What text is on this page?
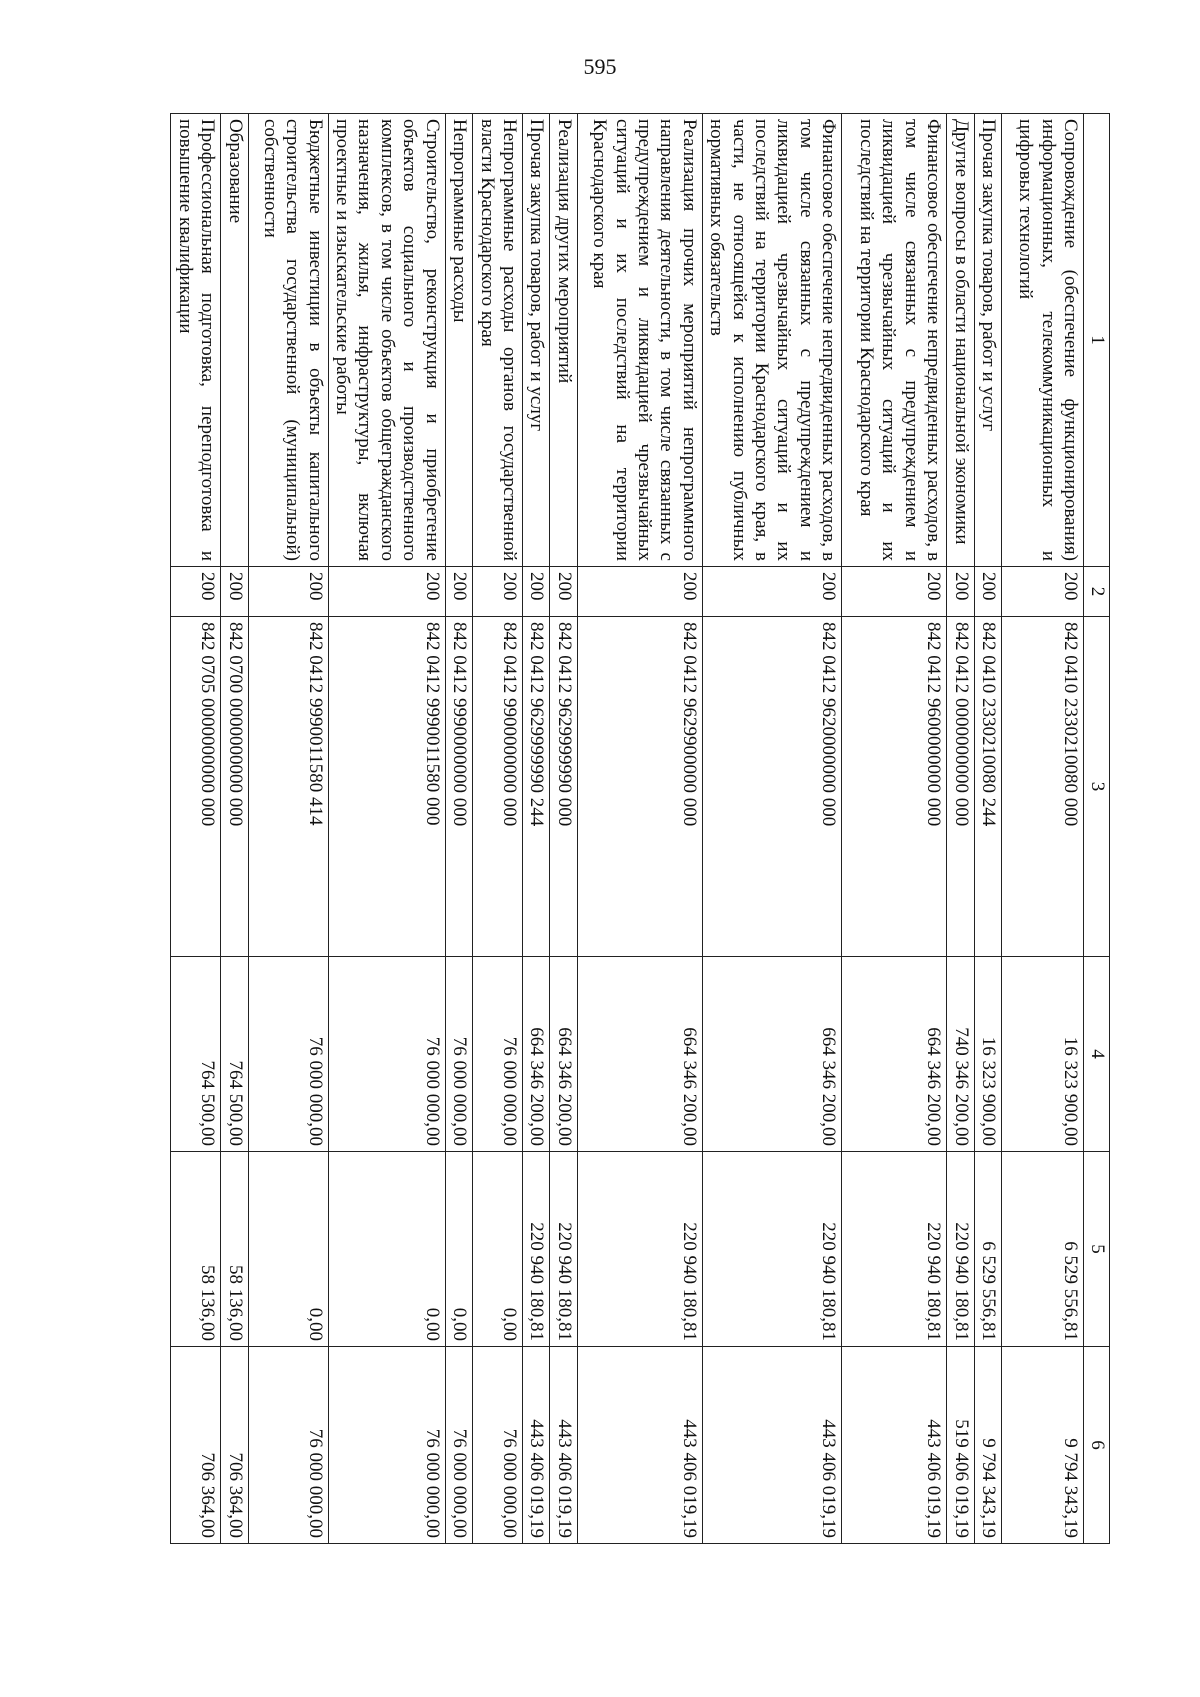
595
1	2	3	4	5	6
Сопровождение (обеспечение функционирования) информационных, телекоммуникационных и цифровых технологий	200	842 0410 2330210080 000	16 323 900,00	6 529 556,81	9 794 343,19
Прочая закупка товаров, работ и услуг	200	842 0410 2330210080 244	16 323 900,00	6 529 556,81	9 794 343,19
Другие вопросы в области национальной экономики	200	842 0412 0000000000 000	740 346 200,00	220 940 180,81	519 406 019,19
Финансовое обеспечение непредвиденных расходов, в том числе связанных с предупреждением и ликвидацией чрезвычайных ситуаций и их последствий на территории Краснодарского края	200	842 0412 9600000000 000	664 346 200,00	220 940 180,81	443 406 019,19
Финансовое обеспечение непредвиденных расходов, в том числе связанных с предупреждением и ликвидацией чрезвычайных ситуаций и их последствий на территории Краснодарского края, в части, не относящейся к исполнению публичных нормативных обязательств	200	842 0412 9620000000 000	664 346 200,00	220 940 180,81	443 406 019,19
Реализация прочих мероприятий непрограммного направления деятельности, в том числе связанных с предупреждением и ликвидацией чрезвычайных ситуаций и их последствий на территории Краснодарского края	200	842 0412 9629900000 000	664 346 200,00	220 940 180,81	443 406 019,19
Реализация других мероприятий	200	842 0412 9629999990 000	664 346 200,00	220 940 180,81	443 406 019,19
Прочая закупка товаров, работ и услуг	200	842 0412 9629999990 244	664 346 200,00	220 940 180,81	443 406 019,19
Непрограммные расходы органов государственной власти Краснодарского края	200	842 0412 9900000000 000	76 000 000,00	0,00	76 000 000,00
Непрограммные расходы	200	842 0412 9990000000 000	76 000 000,00	0,00	76 000 000,00
Строительство, реконструкция и приобретение объектов социального и производственного комплексов, в том числе объектов общегражданского назначения, жилья, инфраструктуры, включая проектные и изыскательские работы	200	842 0412 9990011580 000	76 000 000,00	0,00	76 000 000,00
Бюджетные инвестиции в объекты капитального строительства государственной (муниципальной) собственности	200	842 0412 9990011580 414	76 000 000,00	0,00	76 000 000,00
Образование	200	842 0700 0000000000 000	764 500,00	58 136,00	706 364,00
Профессиональная подготовка, переподготовка и повышение квалификации	200	842 0705 0000000000 000	764 500,00	58 136,00	706 364,00
